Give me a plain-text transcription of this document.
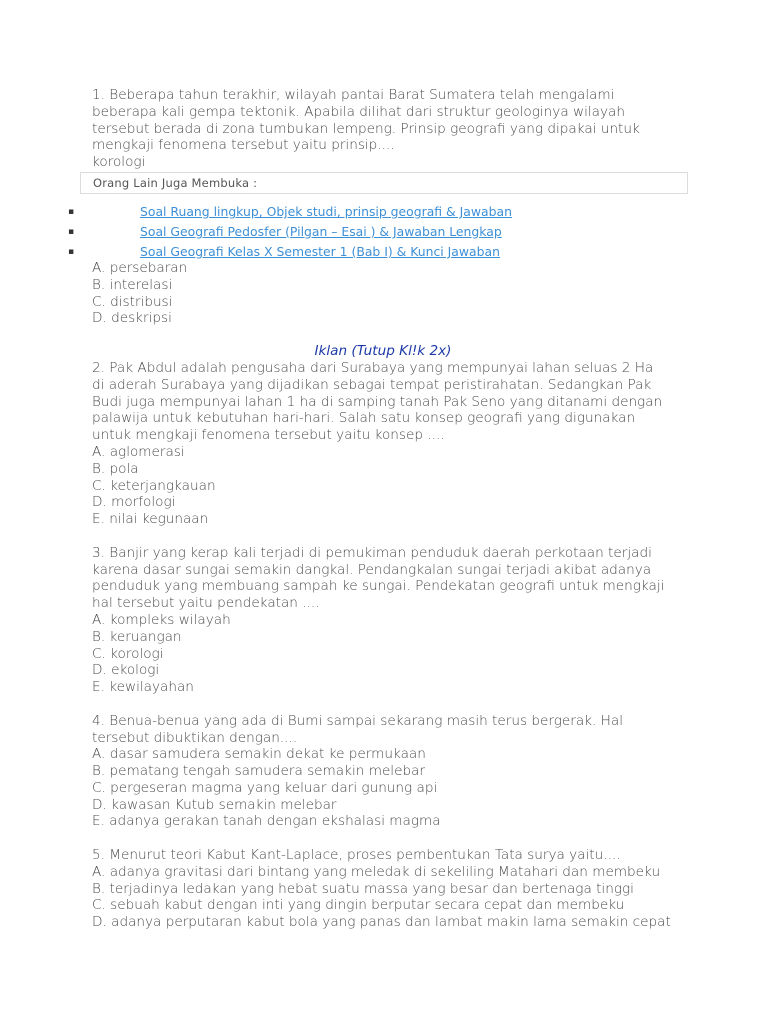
1. Beberapa tahun terakhir, wilayah pantai Barat Sumatera telah mengalami
beberapa kali gempa tektonik. Apabila dilihat dari struktur geologinya wilayah
tersebut berada di zona tumbukan lempeng. Prinsip geografi yang dipakai untuk
mengkaji fenomena tersebut yaitu prinsip....
korologi
Orang Lain Juga Membuka :
▪	Soal Ruang lingkup, Objek studi, prinsip geografi & Jawaban
▪	Soal Geografi Pedosfer (Pilgan – Esai ) & Jawaban Lengkap
▪	Soal Geografi Kelas X Semester 1 (Bab I) & Kunci Jawaban
A. persebaran
B. interelasi
C. distribusi
D. deskripsi
Iklan (Tutup Kl!k 2x)
2. Pak Abdul adalah pengusaha dari Surabaya yang mempunyai lahan seluas 2 Ha
di aderah Surabaya yang dijadikan sebagai tempat peristirahatan. Sedangkan Pak
Budi juga mempunyai lahan 1 ha di samping tanah Pak Seno yang ditanami dengan
palawija untuk kebutuhan hari-hari. Salah satu konsep geografi yang digunakan
untuk mengkaji fenomena tersebut yaitu konsep ....
A. aglomerasi
B. pola
C. keterjangkauan
D. morfologi
E. nilai kegunaan
3. Banjir yang kerap kali terjadi di pemukiman penduduk daerah perkotaan terjadi
karena dasar sungai semakin dangkal. Pendangkalan sungai terjadi akibat adanya
penduduk yang membuang sampah ke sungai. Pendekatan geografi untuk mengkaji
hal tersebut yaitu pendekatan ....
A. kompleks wilayah
B. keruangan
C. korologi
D. ekologi
E. kewilayahan
4. Benua-benua yang ada di Bumi sampai sekarang masih terus bergerak. Hal
tersebut dibuktikan dengan....
A. dasar samudera semakin dekat ke permukaan
B. pematang tengah samudera semakin melebar
C. pergeseran magma yang keluar dari gunung api
D. kawasan Kutub semakin melebar
E. adanya gerakan tanah dengan ekshalasi magma
5. Menurut teori Kabut Kant-Laplace, proses pembentukan Tata surya yaitu....
A. adanya gravitasi dari bintang yang meledak di sekeliling Matahari dan membeku
B. terjadinya ledakan yang hebat suatu massa yang besar dan bertenaga tinggi
C. sebuah kabut dengan inti yang dingin berputar secara cepat dan membeku
D. adanya perputaran kabut bola yang panas dan lambat makin lama semakin cepat
